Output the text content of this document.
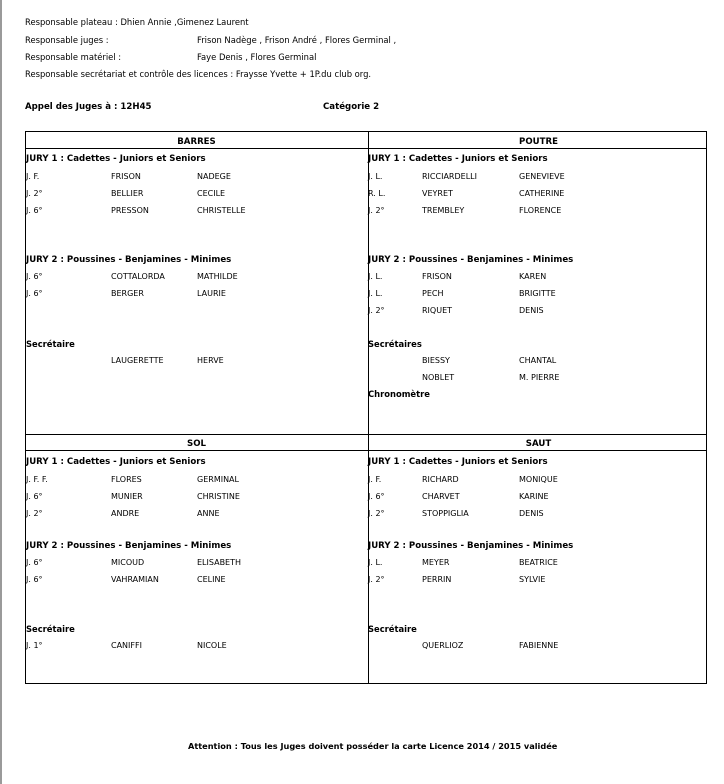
Responsable plateau : Dhien Annie ,Gimenez Laurent
Responsable juges :	Frison Nadège , Frison André , Flores Germinal ,
Responsable matériel :	Faye Denis , Flores Germinal
Responsable secrétariat et contrôle des licences : Fraysse Yvette + 1P.du club org.
Appel des Juges à : 12H45	Catégorie 2
BARRES
JURY 1 : Cadettes - Juniors et Seniors
J. F.	FRISON	NADEGE
J. 2°	BELLIER	CECILE
J. 6°	PRESSON	CHRISTELLE
JURY 2 : Poussines - Benjamines - Minimes
J. 6°	COTTALORDA	MATHILDE
J. 6°	BERGER	LAURIE
Secrétaire
LAUGERETTE	HERVE
POUTRE
JURY 1 : Cadettes - Juniors et Seniors
J. L.	RICCIARDELLI	GENEVIEVE
R. L.	VEYRET	CATHERINE
J. 2°	TREMBLEY	FLORENCE
JURY 2 : Poussines - Benjamines - Minimes
J. L.	FRISON	KAREN
J. L.	PECH	BRIGITTE
J. 2°	RIQUET	DENIS
Secrétaires
BIESSY	CHANTAL
NOBLET	M. PIERRE
Chronomètre
SOL
JURY 1 : Cadettes - Juniors et Seniors
J. F. F.	FLORES	GERMINAL
J. 6°	MUNIER	CHRISTINE
J. 2°	ANDRE	ANNE
JURY 2 : Poussines - Benjamines - Minimes
J. 6°	MICOUD	ELISABETH
J. 6°	VAHRAMIAN	CELINE
Secrétaire
J. 1°	CANIFFI	NICOLE
SAUT
JURY 1 : Cadettes - Juniors et Seniors
J. F.	RICHARD	MONIQUE
J. 6°	CHARVET	KARINE
J. 2°	STOPPIGLIA	DENIS
JURY 2 : Poussines - Benjamines - Minimes
J. L.	MEYER	BEATRICE
J. 2°	PERRIN	SYLVIE
Secrétaire
QUERLIOZ	FABIENNE
Attention : Tous les Juges doivent posséder la carte Licence 2014 / 2015 validée
